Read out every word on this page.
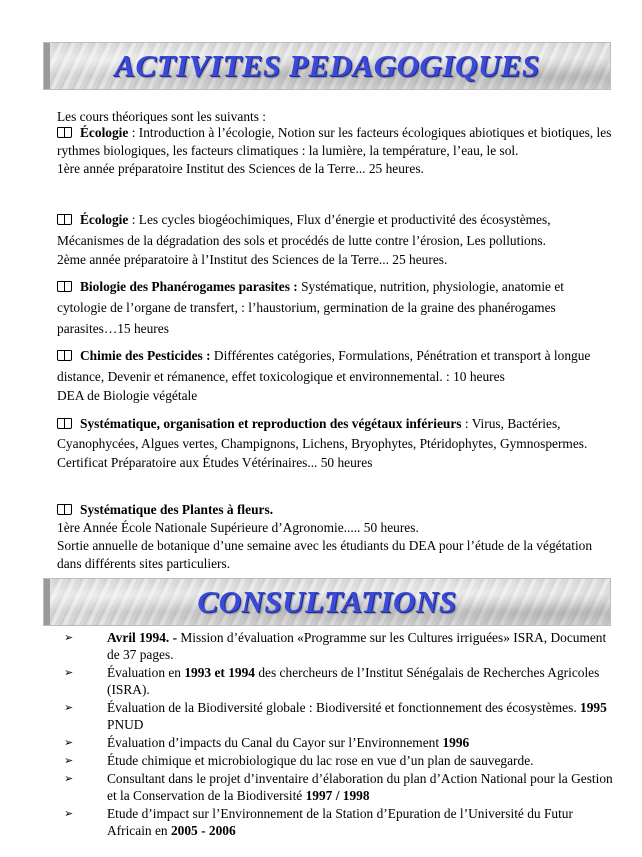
ACTIVITES PEDAGOGIQUES

Les cours théoriques sont les suivants :

Écologie : Introduction à l’écologie, Notion sur les facteurs écologiques abiotiques et biotiques, les rythmes biologiques, les facteurs climatiques : la lumière, la température, l’eau, le sol.

1ère année préparatoire Institut des Sciences de la Terre... 25 heures.

Écologie : Les cycles biogéochimiques, Flux d’énergie et productivité des écosystèmes, Mécanismes de la dégradation des sols et procédés de lutte contre l’érosion, Les pollutions.

2ème année préparatoire à l’Institut des Sciences de la Terre... 25 heures.

Biologie des Phanérogames parasites : Systématique, nutrition, physiologie, anatomie et cytologie de l’organe de transfert, : l’haustorium, germination de la graine des phanérogames parasites…15 heures

Chimie des Pesticides : Différentes catégories, Formulations, Pénétration et transport à longue distance, Devenir et rémanence, effet toxicologique et environnemental. : 10 heures

DEA de Biologie végétale

Systématique, organisation et reproduction des végétaux inférieurs : Virus, Bactéries, Cyanophycées, Algues vertes, Champignons, Lichens, Bryophytes, Ptéridophytes, Gymnospermes.

Certificat Préparatoire aux Études Vétérinaires... 50 heures

Systématique des Plantes à fleurs.

1ère Année École Nationale Supérieure d’Agronomie..... 50 heures.

Sortie annuelle de botanique d’une semaine avec les étudiants du DEA pour l’étude de la végétation dans différents sites particuliers.

CONSULTATIONS
➢	Avril 1994. - Mission d’évaluation «Programme sur les Cultures irriguées» ISRA, Document de 37 pages.
➢	Évaluation en 1993 et 1994 des chercheurs de l’Institut Sénégalais de Recherches Agricoles (ISRA).
➢	Évaluation de la Biodiversité globale : Biodiversité et fonctionnement des écosystèmes. 1995 PNUD
➢	Évaluation d’impacts du Canal du Cayor sur l’Environnement 1996
➢	Étude chimique et microbiologique du lac rose en vue d’un plan de sauvegarde.
➢	Consultant dans le projet d’inventaire d’élaboration du plan d’Action National pour la Gestion et la Conservation de la Biodiversité 1997 / 1998
➢	Etude d’impact sur l’Environnement de la Station d’Epuration de l’Université du Futur Africain en 2005 - 2006
